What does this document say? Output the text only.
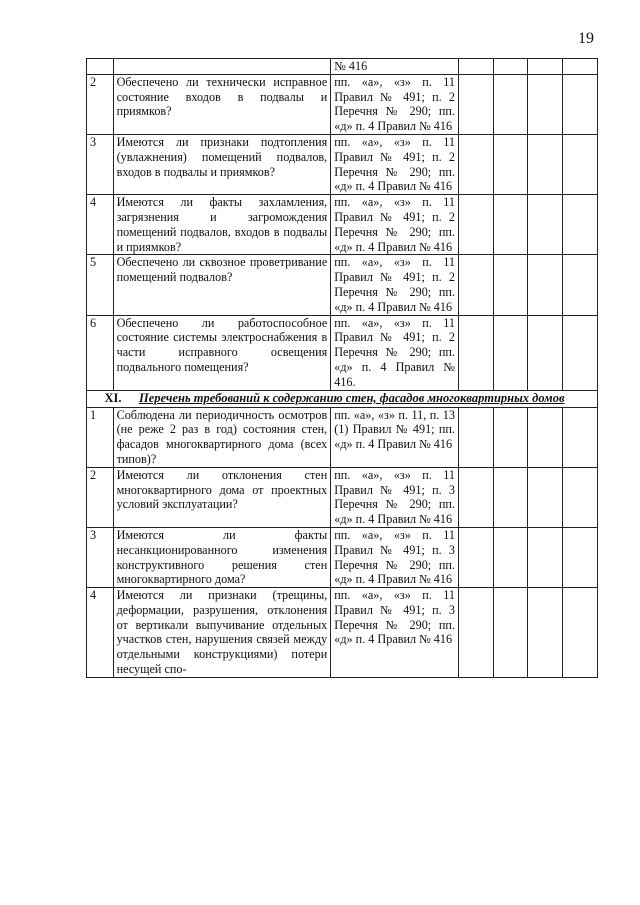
19
		№ 416				
2	Обеспечено ли технически исправное состояние входов в подвалы и приямков?	пп. «а», «з» п. 11 Правил № 491; п. 2 Перечня № 290; пп. «д» п. 4 Правил № 416				
3	Имеются ли признаки подтопления (увлажнения) помещений подвалов, входов в подвалы и приямков?	пп. «а», «з» п. 11 Правил № 491; п. 2 Перечня № 290; пп. «д» п. 4 Правил № 416				
4	Имеются ли факты захламления, загрязнения и загромождения помещений подвалов, входов в подвалы и приямков?	пп. «а», «з» п. 11 Правил № 491; п. 2 Перечня № 290; пп. «д» п. 4 Правил № 416				
5	Обеспечено ли сквозное проветривание помещений подвалов?	пп. «а», «з» п. 11 Правил № 491; п. 2 Перечня № 290; пп. «д» п. 4 Правил № 416				
6	Обеспечено ли работоспособное состояние системы электроснабжения в части исправного освещения подвального помещения?	пп. «а», «з» п. 11 Правил № 491; п. 2 Перечня № 290; пп. «д» п. 4 Правил № 416.				

XI. Перечень требований к содержанию стен, фасадов многоквартирных домов						

1	Соблюдена ли периодичность осмотров (не реже 2 раз в год) состояния стен, фасадов многоквартирного дома (всех типов)?	пп. «а», «з» п. 11, п. 13 (1) Правил № 491; пп. «д» п. 4 Правил № 416				
2	Имеются ли отклонения стен многоквартирного дома от проектных условий эксплуатации?	пп. «а», «з» п. 11 Правил № 491; п. 3 Перечня № 290; пп. «д» п. 4 Правил № 416				
3	Имеются ли факты несанкционированного изменения конструктивного решения стен многоквартирного дома?	пп. «а», «з» п. 11 Правил № 491; п. 3 Перечня № 290; пп. «д» п. 4 Правил № 416				
4	Имеются ли признаки (трещины, деформации, разрушения, отклонения от вертикали выпучивание отдельных участков стен, нарушения связей между отдельными конструкциями) потери несущей спо-	пп. «а», «з» п. 11 Правил № 491; п. 3 Перечня № 290; пп. «д» п. 4 Правил № 416				
